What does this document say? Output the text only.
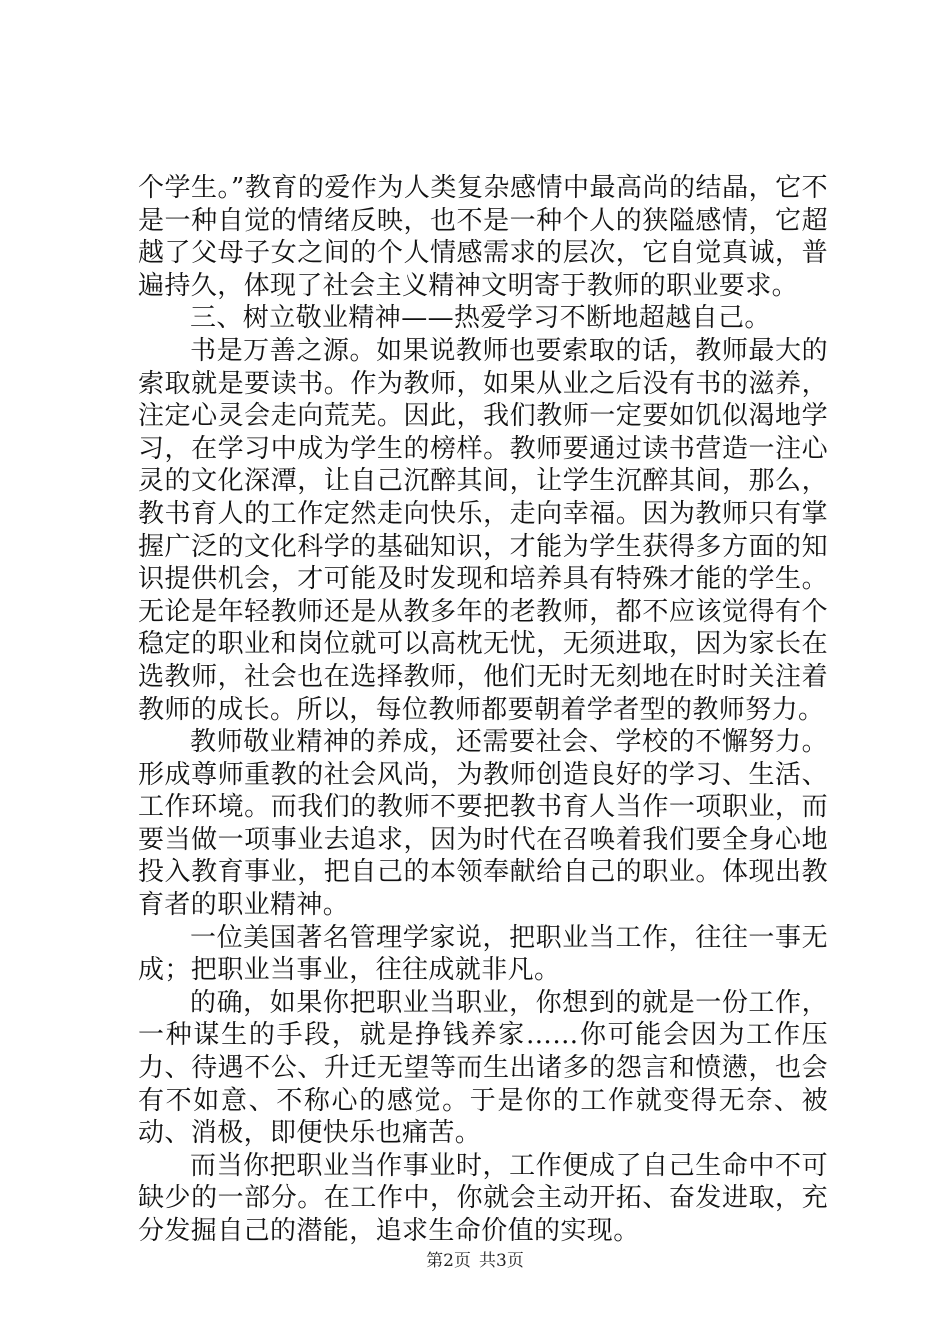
个学生。”教育的爱作为人类复杂感情中最高尚的结晶，它不是一种自觉的情绪反映，也不是一种个人的狭隘感情，它超越了父母子女之间的个人情感需求的层次，它自觉真诚，普遍持久，体现了社会主义精神文明寄于教师的职业要求。

三、树立敬业精神——热爱学习不断地超越自己。

书是万善之源。如果说教师也要索取的话，教师最大的索取就是要读书。作为教师，如果从业之后没有书的滋养，注定心灵会走向荒芜。因此，我们教师一定要如饥似渴地学习，在学习中成为学生的榜样。教师要通过读书营造一注心灵的文化深潭，让自己沉醉其间，让学生沉醉其间，那么，教书育人的工作定然走向快乐，走向幸福。因为教师只有掌握广泛的文化科学的基础知识，才能为学生获得多方面的知识提供机会，才可能及时发现和培养具有特殊才能的学生。无论是年轻教师还是从教多年的老教师，都不应该觉得有个稳定的职业和岗位就可以高枕无忧，无须进取，因为家长在选教师，社会也在选择教师，他们无时无刻地在时时关注着教师的成长。所以，每位教师都要朝着学者型的教师努力。

教师敬业精神的养成，还需要社会、学校的不懈努力。形成尊师重教的社会风尚，为教师创造良好的学习、生活、工作环境。而我们的教师不要把教书育人当作一项职业，而要当做一项事业去追求，因为时代在召唤着我们要全身心地投入教育事业，把自己的本领奉献给自己的职业。体现出教育者的职业精神。

一位美国著名管理学家说，把职业当工作，往往一事无成；把职业当事业，往往成就非凡。

的确，如果你把职业当职业，你想到的就是一份工作，一种谋生的手段，就是挣钱养家……你可能会因为工作压力、待遇不公、升迁无望等而生出诸多的怨言和愤懑，也会有不如意、不称心的感觉。于是你的工作就变得无奈、被动、消极，即便快乐也痛苦。

而当你把职业当作事业时，工作便成了自己生命中不可缺少的一部分。在工作中，你就会主动开拓、奋发进取，充分发掘自己的潜能，追求生命价值的实现。

第2页 共3页
